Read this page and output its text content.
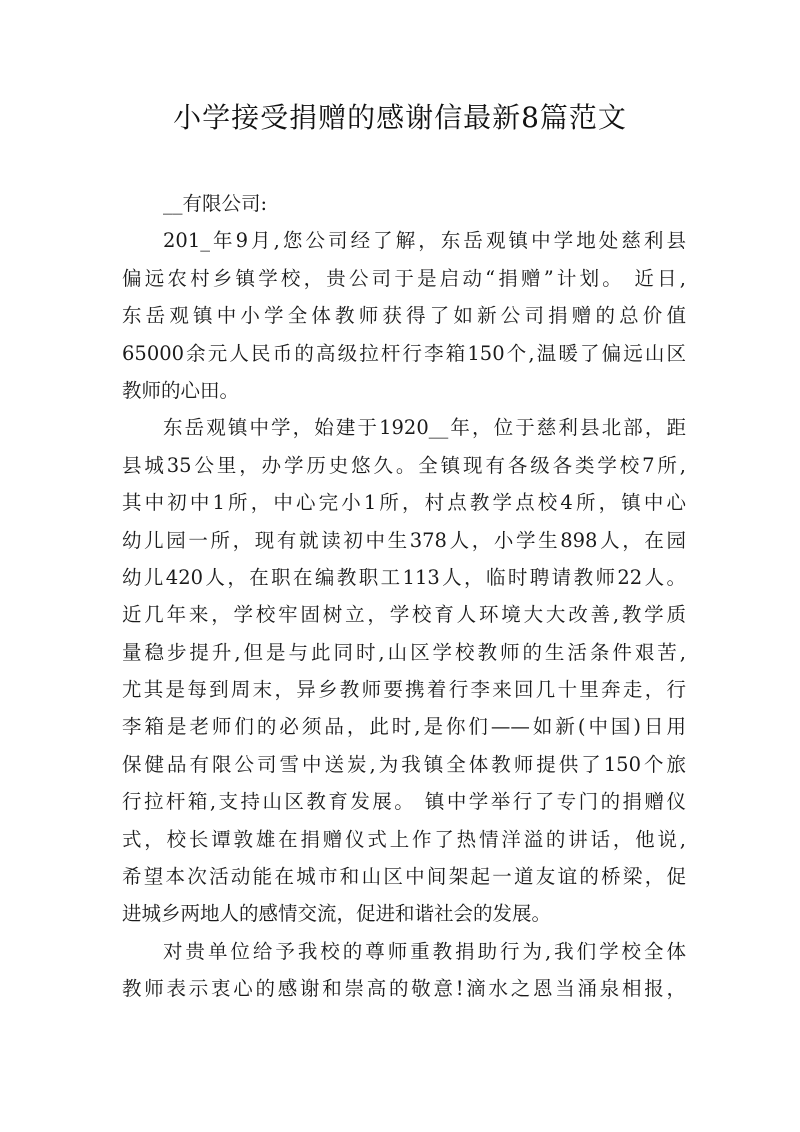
小学接受捐赠的感谢信最新8篇范文
__有限公司:
201_年9月,您公司经了解，东岳观镇中学地处慈利县
偏远农村乡镇学校，贵公司于是启动“捐赠”计划。 近日,
东岳观镇中小学全体教师获得了如新公司捐赠的总价值
65000余元人民币的高级拉杆行李箱150个,温暖了偏远山区
教师的心田。
东岳观镇中学，始建于1920__年，位于慈利县北部，距
县城35公里，办学历史悠久。全镇现有各级各类学校7所,
其中初中1所，中心完小1所，村点教学点校4所，镇中心
幼儿园一所，现有就读初中生378人，小学生898人，在园
幼儿420人，在职在编教职工113人，临时聘请教师22人。
近几年来，学校牢固树立，学校育人环境大大改善,教学质
量稳步提升,但是与此同时,山区学校教师的生活条件艰苦,
尤其是每到周末，异乡教师要携着行李来回几十里奔走，行
李箱是老师们的必须品，此时,是你们——如新(中国)日用
保健品有限公司雪中送炭,为我镇全体教师提供了150个旅
行拉杆箱,支持山区教育发展。 镇中学举行了专门的捐赠仪
式，校长谭敦雄在捐赠仪式上作了热情洋溢的讲话，他说,
希望本次活动能在城市和山区中间架起一道友谊的桥梁，促
进城乡两地人的感情交流，促进和谐社会的发展。
对贵单位给予我校的尊师重教捐助行为,我们学校全体
教师表示衷心的感谢和崇高的敬意!滴水之恩当涌泉相报，
